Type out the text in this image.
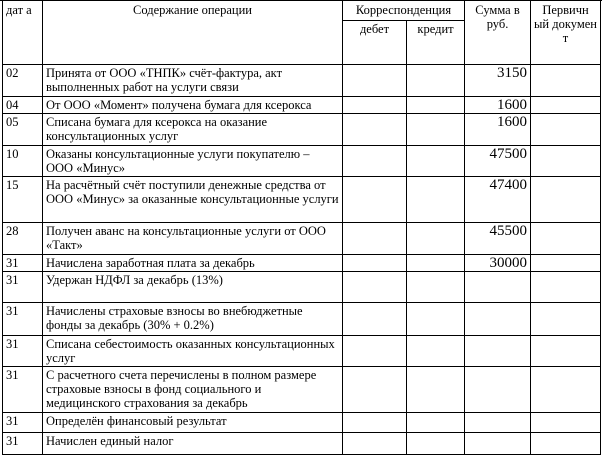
дат а	Содержание операции	Корреспонденция		Сумма в руб.	Первичн ый докумен т
		дебет	кредит		
02	Принята от ООО «ТНПК» счёт-фактура, акт выполненных работ на услуги связи			3150	
04	От ООО «Момент» получена бумага для ксерокса			1600	
05	Списана бумага для ксерокса на оказание консультационных услуг			1600	
10	Оказаны консультационные услуги покупателю – ООО «Минус»			47500	
15	На расчётный счёт поступили денежные средства от ООО «Минус» за оказанные консультационные услуги			47400	
28	Получен аванс на консультационные услуги от ООО «Такт»			45500	
31	Начислена заработная плата за декабрь			30000	
31	Удержан НДФЛ за декабрь (13%)				
31	Начислены страховые взносы во внебюджетные фонды за декабрь (30% + 0.2%)				
31	Списана себестоимость оказанных консультационных услуг				
31	С расчетного счета перечислены в полном размере страховые взносы в фонд социального и медицинского страхования за декабрь				
31	Определён финансовый результат				
31	Начислен единый налог				
